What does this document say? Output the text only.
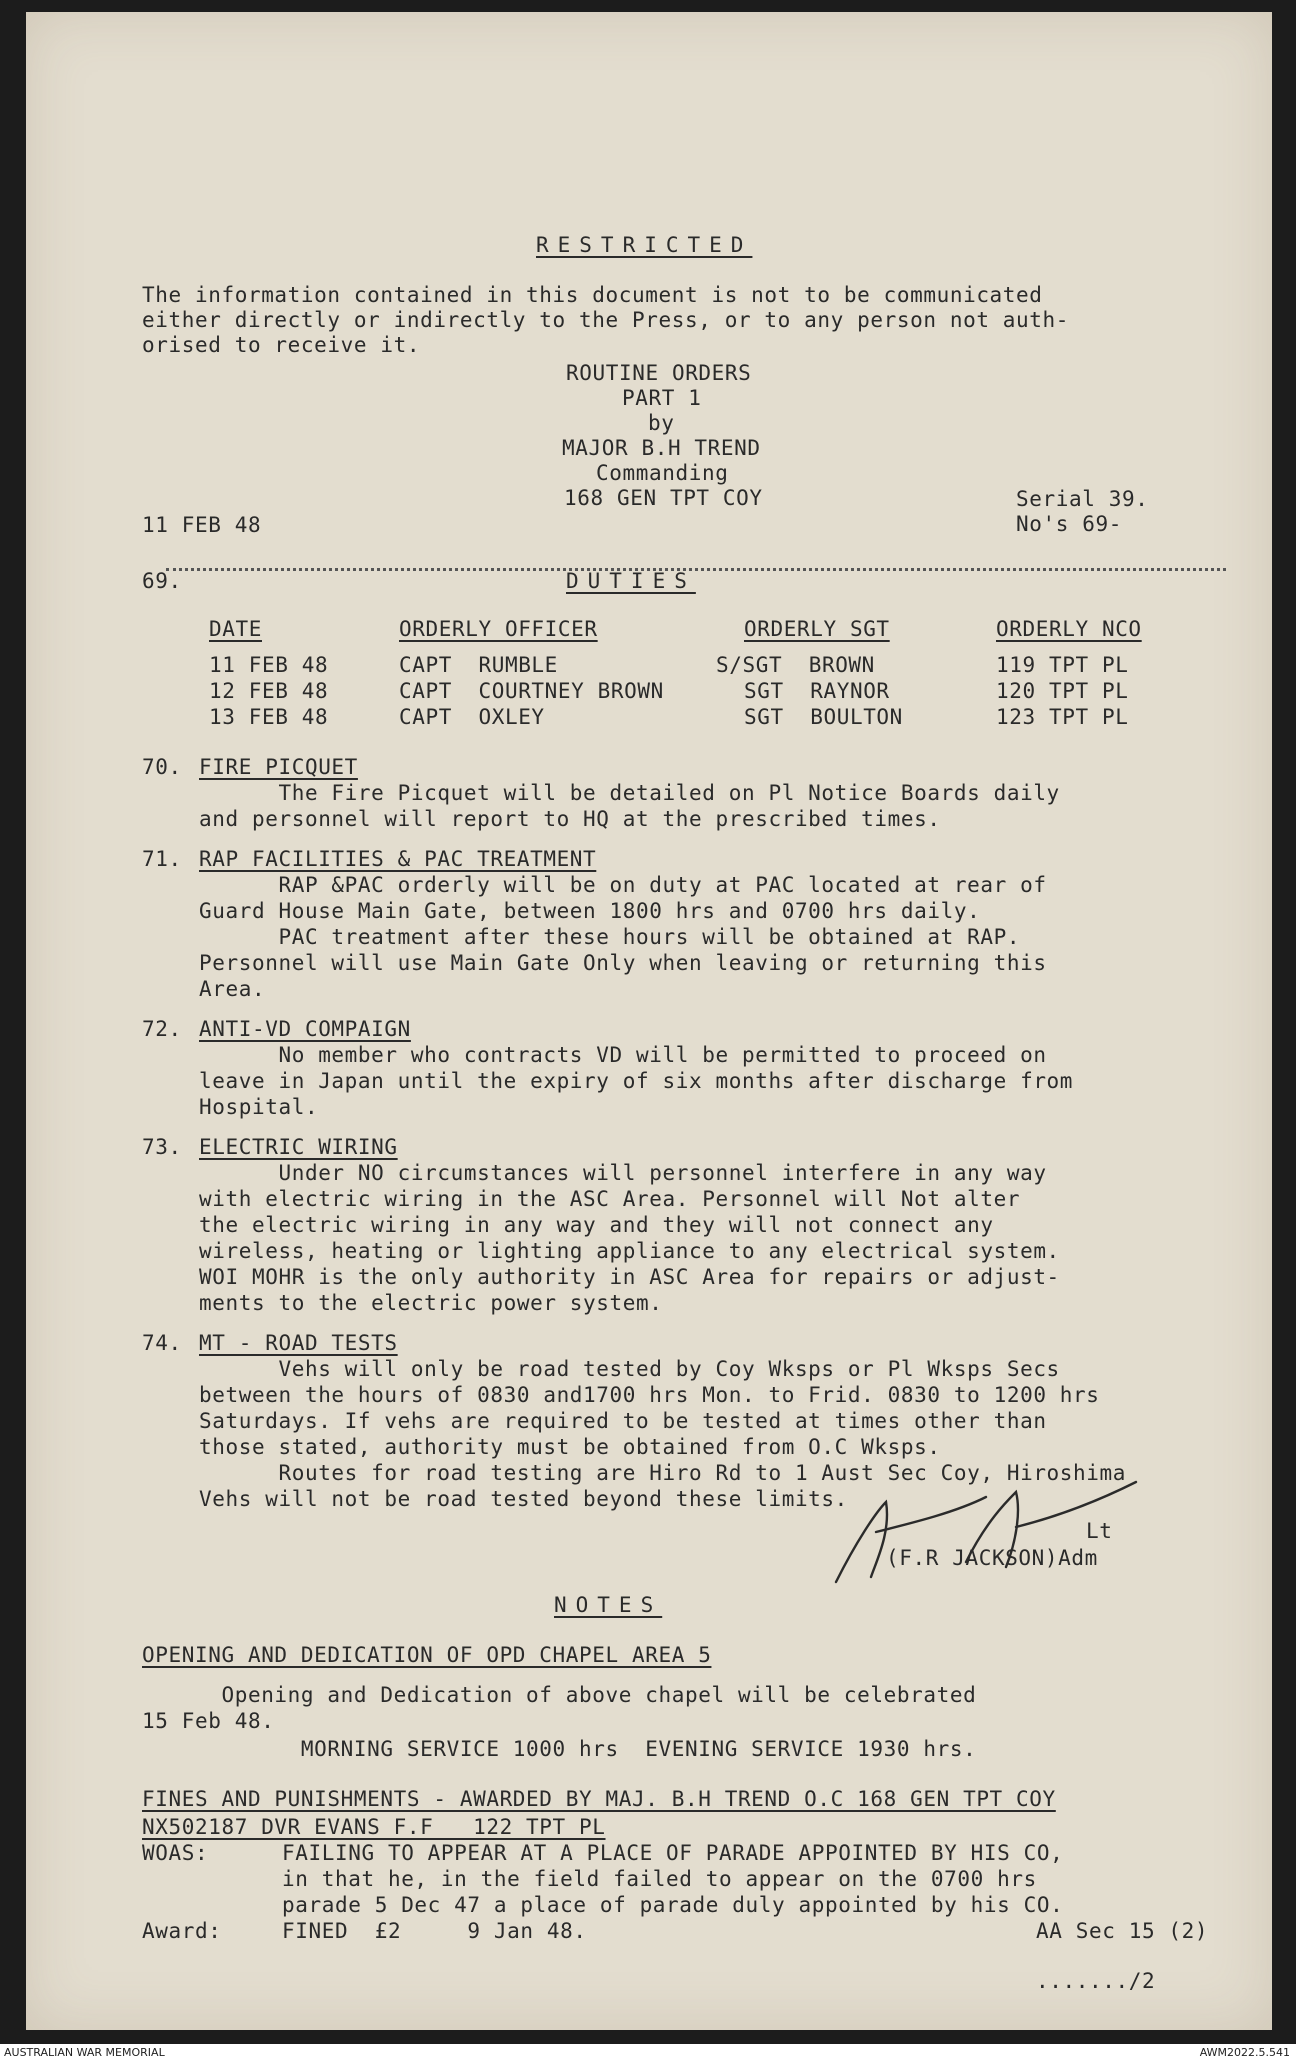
RESTRICTED
The information contained in this document is not to be communicated
either directly or indirectly to the Press, or to any person not auth-
orised to receive it.
ROUTINE ORDERS
PART 1
by
MAJOR B.H TREND
Commanding
168 GEN TPT COY
11 FEB 48
Serial 39.
No's 69-
69.	DUTIES
DATE	ORDERLY OFFICER	ORDERLY SGT	ORDERLY NCO
11 FEB 48	CAPT  RUMBLE	S/SGT  BROWN	119 TPT PL
12 FEB 48	CAPT  COURTNEY BROWN	SGT  RAYNOR	120 TPT PL
13 FEB 48	CAPT  OXLEY	SGT  BOULTON	123 TPT PL
70. FIRE PICQUET
The Fire Picquet will be detailed on Pl Notice Boards daily
and personnel will report to HQ at the prescribed times.
71. RAP FACILITIES & PAC TREATMENT
RAP &PAC orderly will be on duty at PAC located at rear of
Guard House Main Gate, between 1800 hrs and 0700 hrs daily.
PAC treatment after these hours will be obtained at RAP.
Personnel will use Main Gate Only when leaving or returning this
Area.
72. ANTI-VD COMPAIGN
No member who contracts VD will be permitted to proceed on
leave in Japan until the expiry of six months after discharge from
Hospital.
73. ELECTRIC WIRING
Under NO circumstances will personnel interfere in any way
with electric wiring in the ASC Area. Personnel will Not alter
the electric wiring in any way and they will not connect any
wireless, heating or lighting appliance to any electrical system.
WOI MOHR is the only authority in ASC Area for repairs or adjust-
ments to the electric power system.
74. MT - ROAD TESTS
Vehs will only be road tested by Coy Wksps or Pl Wksps Secs
between the hours of 0830 and1700 hrs Mon. to Frid. 0830 to 1200 hrs
Saturdays. If vehs are required to be tested at times other than
those stated, authority must be obtained from O.C Wksps.
Routes for road testing are Hiro Rd to 1 Aust Sec Coy, Hiroshima
Vehs will not be road tested beyond these limits.
Lt
(F.R JACKSON)Adm
NOTES
OPENING AND DEDICATION OF OPD CHAPEL AREA 5
Opening and Dedication of above chapel will be celebrated
15 Feb 48.
MORNING SERVICE 1000 hrs  EVENING SERVICE 1930 hrs.
FINES AND PUNISHMENTS - AWARDED BY MAJ. B.H TREND O.C 168 GEN TPT COY
NX502187 DVR EVANS F.F   122 TPT PL
WOAS:	FAILING TO APPEAR AT A PLACE OF PARADE APPOINTED BY HIS CO,
in that he, in the field failed to appear on the 0700 hrs
parade 5 Dec 47 a place of parade duly appointed by his CO.
Award:	FINED  £2     9 Jan 48.	AA Sec 15 (2)
......./2
AUSTRALIAN WAR MEMORIAL	AWM2022.5.541
